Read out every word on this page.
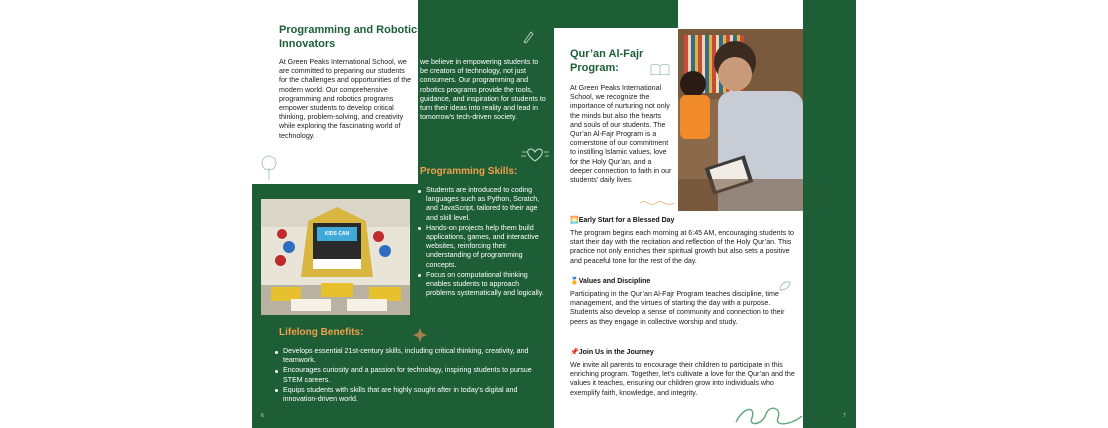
Programming and Robotics: Shaping Future Innovators
At Green Peaks International School, we are committed to preparing our students for the challenges and opportunities of the modern world. Our comprehensive programming and robotics programs empower students to develop critical thinking, problem-solving, and creativity while exploring the fascinating world of technology.
we believe in empowering students to be creators of technology, not just consumers. Our programming and robotics programs provide the tools, guidance, and inspiration for students to turn their ideas into reality and lead in tomorrow's tech-driven society.
Programming Skills:
Students are introduced to coding languages such as Python, Scratch, and JavaScript, tailored to their age and skill level.
Hands-on projects help them build applications, games, and interactive websites, reinforcing their understanding of programming concepts.
Focus on computational thinking enables students to approach problems systematically and logically.
KIDS CAN
Lifelong Benefits:
Develops essential 21st-century skills, including critical thinking, creativity, and teamwork.
Encourages curiosity and a passion for technology, inspiring students to pursue STEM careers.
Equips students with skills that are highly sought after in today's digital and innovation-driven world.
6
Qur’an Al-Fajr Program:
At Green Peaks International School, we recognize the importance of nurturing not only the minds but also the hearts and souls of our students. The Qur’an Al-Fajr Program is a cornerstone of our commitment to instilling Islamic values, love for the Holy Qur’an, and a deeper connection to faith in our students’ daily lives.
🌅Early Start for a Blessed Day
The program begins each morning at 6:45 AM, encouraging students to start their day with the recitation and reflection of the Holy Qur’an. This practice not only enriches their spiritual growth but also sets a positive and peaceful tone for the rest of the day.
🏅Values and Discipline
Participating in the Qur’an Al-Fajr Program teaches discipline, time management, and the virtues of starting the day with a purpose. Students also develop a sense of community and connection to their peers as they engage in collective worship and study.
📌Join Us in the Journey
We invite all parents to encourage their children to participate in this enriching program. Together, let’s cultivate a love for the Qur’an and the values it teaches, ensuring our children grow into individuals who exemplify faith, knowledge, and integrity.
7
